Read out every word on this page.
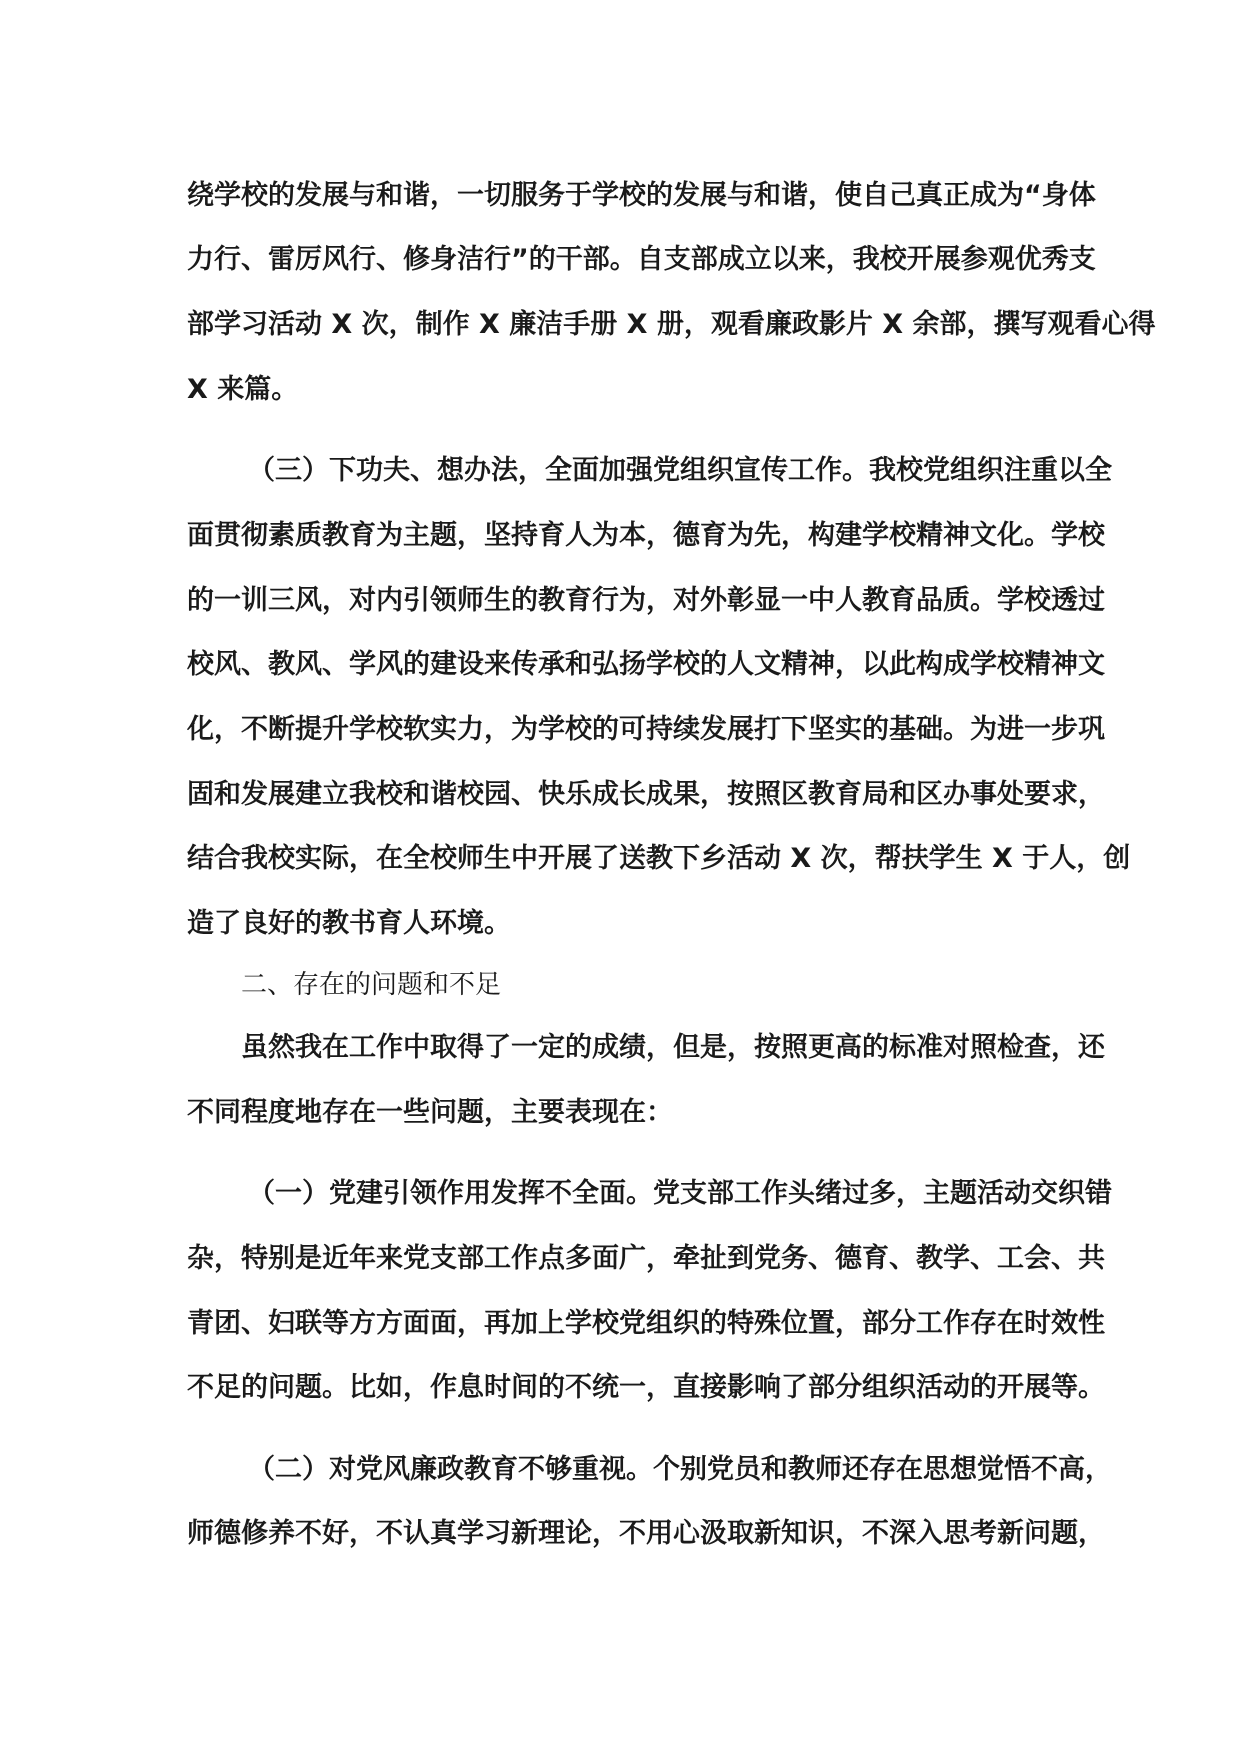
绕学校的发展与和谐，一切服务于学校的发展与和谐，使自己真正成为“身体
力行、雷厉风行、修身洁行”的干部。自支部成立以来，我校开展参观优秀支
部学习活动 X 次，制作 X 廉洁手册 X 册，观看廉政影片 X 余部，撰写观看心得
X 来篇。
（三）下功夫、想办法，全面加强党组织宣传工作。我校党组织注重以全
面贯彻素质教育为主题，坚持育人为本，德育为先，构建学校精神文化。学校
的一训三风，对内引领师生的教育行为，对外彰显一中人教育品质。学校透过
校风、教风、学风的建设来传承和弘扬学校的人文精神，以此构成学校精神文
化，不断提升学校软实力，为学校的可持续发展打下坚实的基础。为进一步巩
固和发展建立我校和谐校园、快乐成长成果，按照区教育局和区办事处要求，
结合我校实际，在全校师生中开展了送教下乡活动 X 次，帮扶学生 X 于人，创
造了良好的教书育人环境。
二、存在的问题和不足
虽然我在工作中取得了一定的成绩，但是，按照更高的标准对照检查，还
不同程度地存在一些问题，主要表现在：
（一）党建引领作用发挥不全面。党支部工作头绪过多，主题活动交织错
杂，特别是近年来党支部工作点多面广，牵扯到党务、德育、教学、工会、共
青团、妇联等方方面面，再加上学校党组织的特殊位置，部分工作存在时效性
不足的问题。比如，作息时间的不统一，直接影响了部分组织活动的开展等。
（二）对党风廉政教育不够重视。个别党员和教师还存在思想觉悟不高，
师德修养不好，不认真学习新理论，不用心汲取新知识，不深入思考新问题，
